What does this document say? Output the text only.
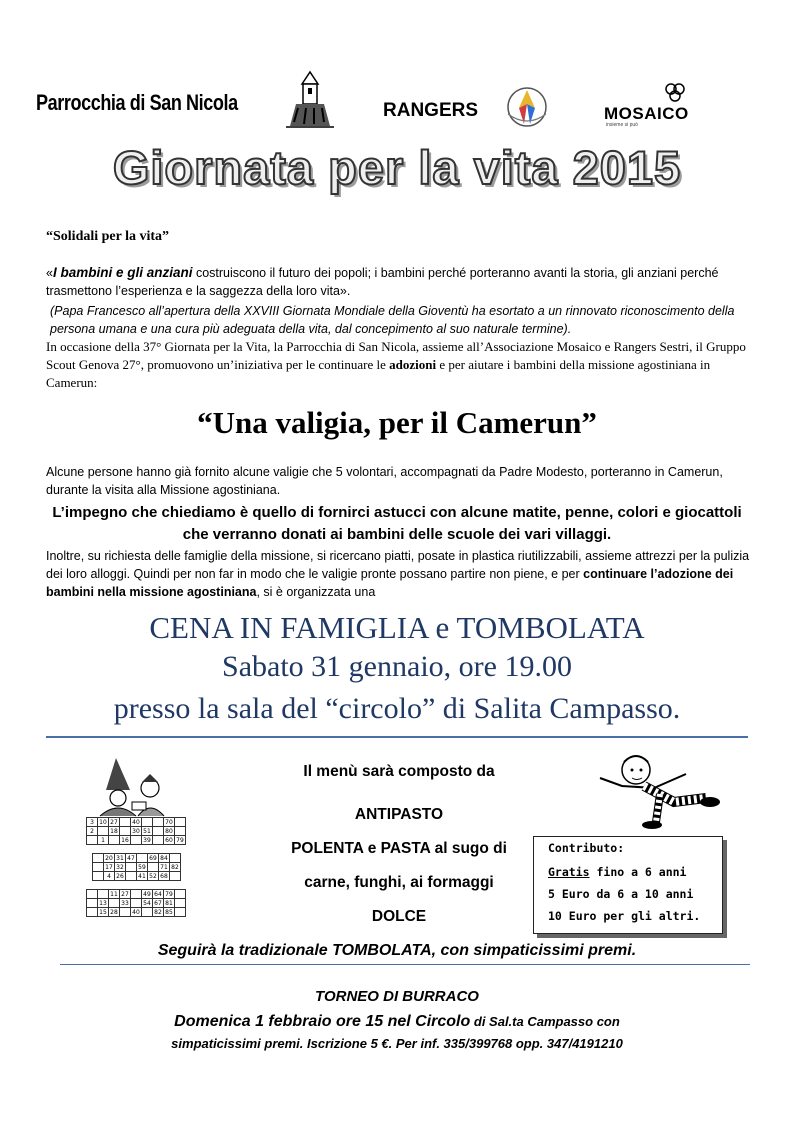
Parrocchia di San Nicola	RANGERS	MOSAICO
insieme si può
Giornata per la vita 2015
“Solidali per la vita”
«I bambini e gli anziani costruiscono il futuro dei popoli; i bambini perché porteranno avanti la storia, gli anziani perché trasmettono l’esperienza e la saggezza della loro vita».
(Papa Francesco all’apertura della XXVIII Giornata Mondiale della Gioventù ha esortato a un rinnovato riconoscimento della persona umana e una cura più adeguata della vita, dal concepimento al suo naturale termine).
In occasione della 37° Giornata per la Vita, la Parrocchia di San Nicola, assieme all’Associazione Mosaico e Rangers Sestri, il Gruppo Scout Genova 27°, promuovono un’iniziativa per le continuare le adozioni e per aiutare i bambini della missione agostiniana in Camerun:
“Una valigia, per il Camerun”
Alcune persone hanno già fornito alcune valigie che 5 volontari, accompagnati da Padre Modesto, porteranno in Camerun, durante la visita alla Missione agostiniana.
L’impegno che chiediamo è quello di fornirci astucci con alcune matite, penne, colori e giocattoli che verranno donati ai bambini delle scuole dei vari villaggi.
Inoltre, su richiesta delle famiglie della missione, si ricercano piatti, posate in plastica riutilizzabili, assieme attrezzi per la pulizia dei loro alloggi. Quindi per non far in modo che le valigie pronte possano partire non piene, e per continuare l’adozione dei bambini nella missione agostiniana, si è organizzata una
CENA IN FAMIGLIA e TOMBOLATA
Sabato 31 gennaio, ore 19.00
presso la sala del “circolo” di Salita Campasso.
3	10	27		40			70	
2		18		30	51		80	
	1		16		39		60	79
	20	31	47		69	84	
	17	32		59		71	82
	4	26		41	52	68	
		11	27		49	64	79	
	13		33		54	67	81	
	15	28		40		82	85	
Il menù sarà composto da
ANTIPASTO
POLENTA e PASTA al sugo di
carne, funghi, ai formaggi
DOLCE
Contributo:
Gratis fino a 6 anni
5 Euro da 6 a 10 anni
10 Euro per gli altri.
Seguirà la tradizionale TOMBOLATA, con simpaticissimi premi.
TORNEO DI BURRACO
Domenica 1 febbraio ore 15 nel Circolo di Sal.ta Campasso con
simpaticissimi premi. Iscrizione 5 €. Per inf. 335/399768 opp. 347/4191210
